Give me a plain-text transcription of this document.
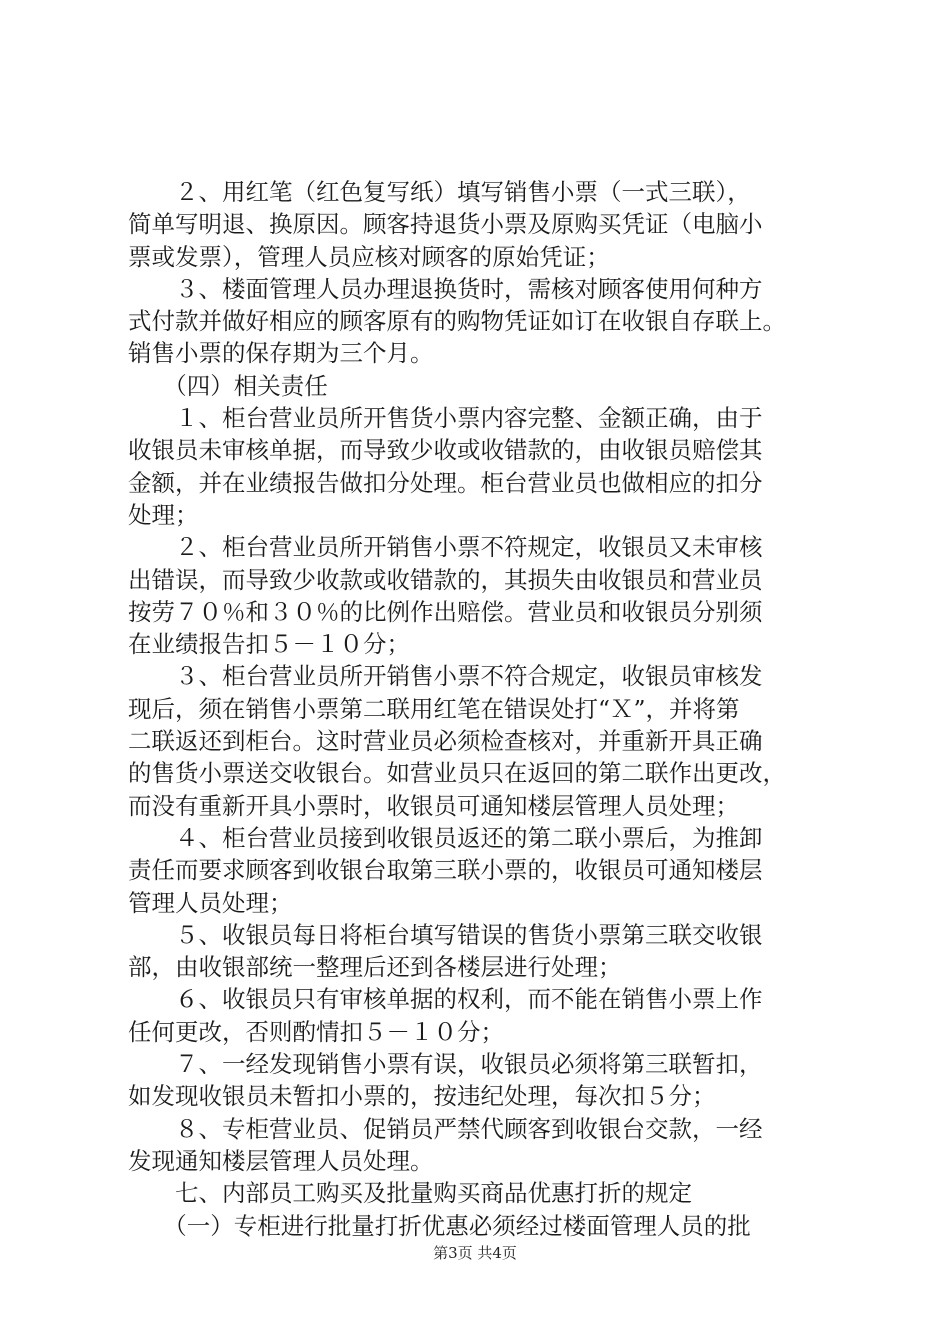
　　２、用红笔（红色复写纸）填写销售小票（一式三联），
简单写明退、换原因。顾客持退货小票及原购买凭证（电脑小
票或发票），管理人员应核对顾客的原始凭证；
　　３、楼面管理人员办理退换货时，需核对顾客使用何种方
式付款并做好相应的顾客原有的购物凭证如订在收银自存联上。
销售小票的保存期为三个月。
　　（四）相关责任
　　１、柜台营业员所开售货小票内容完整、金额正确，由于
收银员未审核单据，而导致少收或收错款的，由收银员赔偿其
金额，并在业绩报告做扣分处理。柜台营业员也做相应的扣分
处理；
　　２、柜台营业员所开销售小票不符规定，收银员又未审核
出错误，而导致少收款或收错款的，其损失由收银员和营业员
按劳７０％和３０％的比例作出赔偿。营业员和收银员分别须
在业绩报告扣５－１０分；
　　３、柜台营业员所开销售小票不符合规定，收银员审核发
现后，须在销售小票第二联用红笔在错误处打“Ｘ”，并将第
二联返还到柜台。这时营业员必须检查核对，并重新开具正确
的售货小票送交收银台。如营业员只在返回的第二联作出更改，
而没有重新开具小票时，收银员可通知楼层管理人员处理；
　　４、柜台营业员接到收银员返还的第二联小票后，为推卸
责任而要求顾客到收银台取第三联小票的，收银员可通知楼层
管理人员处理；
　　５、收银员每日将柜台填写错误的售货小票第三联交收银
部，由收银部统一整理后还到各楼层进行处理；
　　６、收银员只有审核单据的权利，而不能在销售小票上作
任何更改，否则酌情扣５－１０分；
　　７、一经发现销售小票有误，收银员必须将第三联暂扣，
如发现收银员未暂扣小票的，按违纪处理，每次扣５分；
　　８、专柜营业员、促销员严禁代顾客到收银台交款，一经
发现通知楼层管理人员处理。
　　七、内部员工购买及批量购买商品优惠打折的规定
　　（一）专柜进行批量打折优惠必须经过楼面管理人员的批
第3页 共4页
